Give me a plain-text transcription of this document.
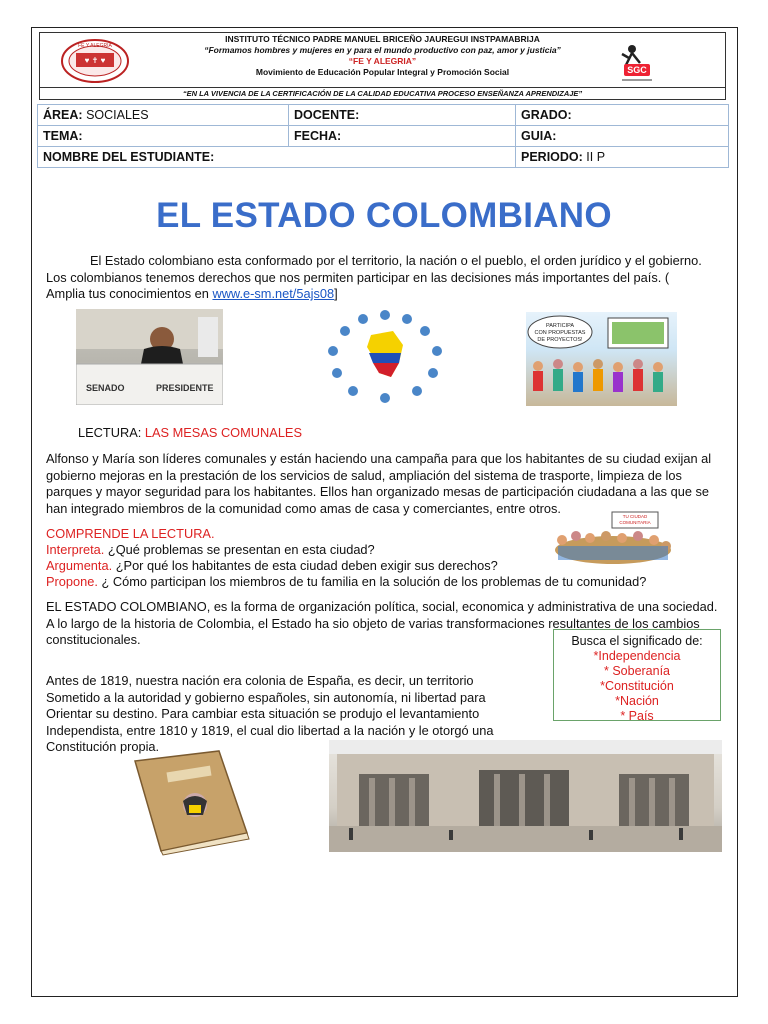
♥ ✝ ♥
FE Y ALEGRIA
INSTITUTO TÉCNICO PADRE MANUEL BRICEÑO JAUREGUI INSTPAMABRIJA
“Formamos hombres y mujeres en y para el mundo productivo con paz, amor y justicia”
“FE Y ALEGRIA”
Movimiento de Educación Popular Integral y Promoción Social	SGC
“EN LA VIVENCIA DE LA CERTIFICACIÓN DE LA CALIDAD EDUCATIVA PROCESO ENSEÑANZA APRENDIZAJE”
ÁREA: SOCIALES	DOCENTE:	GRADO:
TEMA:	FECHA:	GUIA:
NOMBRE DEL ESTUDIANTE:		PERIODO: II P
EL ESTADO COLOMBIANO
El Estado colombiano esta conformado por el territorio, la nación o el pueblo, el orden jurídico y el gobierno. Los colombianos tenemos derechos que nos permiten participar en las decisiones más importantes del país. ( Amplia tus conocimientos en www.e-sm.net/5ajs08]
SENADO	PRESIDENTE
PARTICIPA
CON PROPUESTAS
DE PROYECTOS!
LECTURA: LAS MESAS COMUNALES
Alfonso y María son líderes comunales y están haciendo una campaña para que los habitantes de su ciudad exijan al gobierno mejoras en la prestación de los servicios de salud, ampliación del sistema de trasporte, limpieza de los parques y mayor seguridad para los habitantes. Ellos han organizado mesas de participación ciudadana a las que se han integrado miembros de la comunidad como amas de casa y comerciantes, entre otros.
COMPRENDE LA LECTURA.
Interpreta. ¿Qué problemas se presentan en esta ciudad?
Argumenta. ¿Por qué los habitantes de esta ciudad deben exigir sus derechos?
Propone. ¿ Cómo participan los miembros de tu familia en la solución de los problemas de tu comunidad?
TU CIUDAD
COMUNITARIA
EL ESTADO COLOMBIANO, es la forma de organización política, social, economica y administrativa de una sociedad. A lo largo de la historia de Colombia, el Estado ha sio objeto de varias transformaciones resultantes de los cambios constitucionales.	Busca el significado de:
*Independencia
* Soberanía
*Constitución
*Nación
* País
Antes de 1819, nuestra nación era colonia de España, es decir, un territorio
Sometido a la autoridad y gobierno españoles, sin autonomía, ni libertad para
Orientar su destino. Para cambiar esta situación se produjo el levantamiento
Independista, entre 1810 y 1819, el cual dio libertad a la nación y le otorgó una
Constitución propia.
